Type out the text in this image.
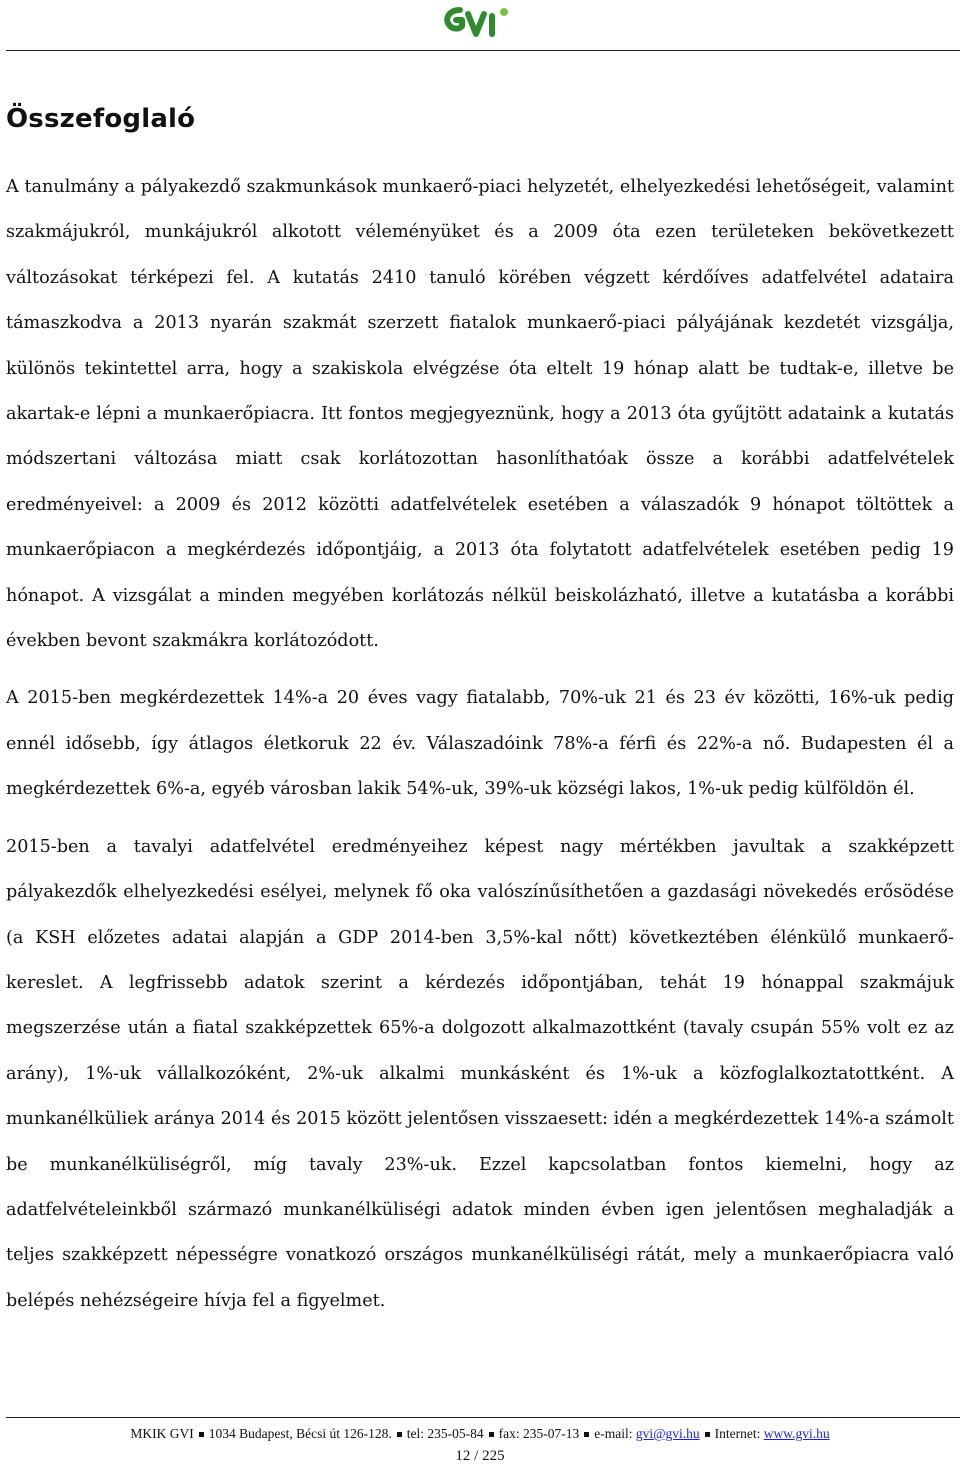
Összefoglaló

A tanulmány a pályakezdő szakmunkások munkaerő-piaci helyzetét, elhelyezkedési lehetőségeit, valamint szakmájukról, munkájukról alkotott véleményüket és a 2009 óta ezen területeken bekövetkezett változásokat térképezi fel. A kutatás 2410 tanuló körében végzett kérdőíves adatfelvétel adataira támaszkodva a 2013 nyarán szakmát szerzett fiatalok munkaerő-piaci pályájának kezdetét vizsgálja, különös tekintettel arra, hogy a szakiskola elvégzése óta eltelt 19 hónap alatt be tudtak-e, illetve be akartak-e lépni a munkaerőpiacra. Itt fontos megjegyeznünk, hogy a 2013 óta gyűjtött adataink a kutatás módszertani változása miatt csak korlátozottan hasonlíthatóak össze a korábbi adatfelvételek eredményeivel: a 2009 és 2012 közötti adatfelvételek esetében a válaszadók 9 hónapot töltöttek a munkaerőpiacon a megkérdezés időpontjáig, a 2013 óta folytatott adatfelvételek esetében pedig 19 hónapot. A vizsgálat a minden megyében korlátozás nélkül beiskolázható, illetve a kutatásba a korábbi években bevont szakmákra korlátozódott.

A 2015-ben megkérdezettek 14%-a 20 éves vagy fiatalabb, 70%-uk 21 és 23 év közötti, 16%-uk pedig ennél idősebb, így átlagos életkoruk 22 év. Válaszadóink 78%-a férfi és 22%-a nő. Budapesten él a megkérdezettek 6%-a, egyéb városban lakik 54%-uk, 39%-uk községi lakos, 1%-uk pedig külföldön él.

2015-ben a tavalyi adatfelvétel eredményeihez képest nagy mértékben javultak a szakképzett pályakezdők elhelyezkedési esélyei, melynek fő oka valószínűsíthetően a gazdasági növekedés erősödése (a KSH előzetes adatai alapján a GDP 2014-ben 3,5%-kal nőtt) következtében élénkülő munkaerő-kereslet. A legfrissebb adatok szerint a kérdezés időpontjában, tehát 19 hónappal szakmájuk megszerzése után a fiatal szakképzettek 65%-a dolgozott alkalmazottként (tavaly csupán 55% volt ez az arány), 1%-uk vállalkozóként, 2%-uk alkalmi munkásként és 1%-uk a közfoglalkoztatottként. A munkanélküliek aránya 2014 és 2015 között jelentősen visszaesett: idén a megkérdezettek 14%-a számolt be munkanélküliségről, míg tavaly 23%-uk. Ezzel kapcsolatban fontos kiemelni, hogy az adatfelvételeinkből származó munkanélküliségi adatok minden évben igen jelentősen meghaladják a teljes szakképzett népességre vonatkozó országos munkanélküliségi rátát, mely a munkaerőpiacra való belépés nehézségeire hívja fel a figyelmet.

MKIK GVI 1034 Budapest, Bécsi út 126-128. tel: 235-05-84 fax: 235-07-13 e-mail: gvi@gvi.hu Internet: www.gvi.hu
12 / 225
